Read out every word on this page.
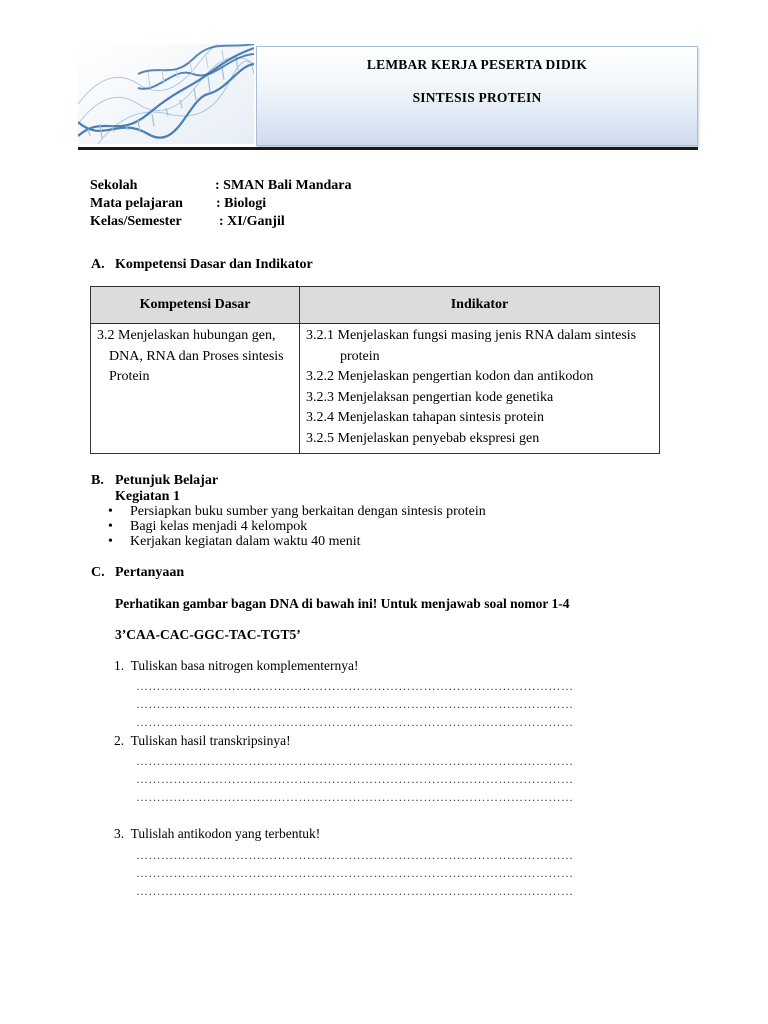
LEMBAR KERJA PESERTA DIDIK
SINTESIS PROTEIN
Sekolah	: SMAN Bali Mandara
Mata pelajaran : Biologi
Kelas/Semester	: XI/Ganjil
A. Kompetensi Dasar dan Indikator
Kompetensi Dasar	Indikator

3.2 Menjelaskan hubungan gen, DNA, RNA dan Proses sintesis Protein	3.2.1 Menjelaskan fungsi masing jenis RNA dalam sintesis protein
3.2.2 Menjelaskan pengertian kodon dan antikodon
3.2.3 Menjelaksan pengertian kode genetika
3.2.4 Menjelaskan tahapan sintesis protein
3.2.5 Menjelaskan penyebab ekspresi gen
B. Petunjuk Belajar
Kegiatan 1
• Persiapkan buku sumber yang berkaitan dengan sintesis protein
• Bagi kelas menjadi 4 kelompok
• Kerjakan kegiatan dalam waktu 40 menit
C. Pertanyaan
Perhatikan gambar bagan DNA di bawah ini! Untuk menjawab soal nomor 1-4
3’CAA-CAC-GGC-TAC-TGT5’
1. Tuliskan basa nitrogen komplementernya!
……………………………………………………………………………………………
……………………………………………………………………………………………
……………………………………………………………………………………………
2. Tuliskan hasil transkripsinya!
……………………………………………………………………………………………
……………………………………………………………………………………………
……………………………………………………………………………………………
3. Tulislah antikodon yang terbentuk!
……………………………………………………………………………………………
……………………………………………………………………………………………
……………………………………………………………………………………………
